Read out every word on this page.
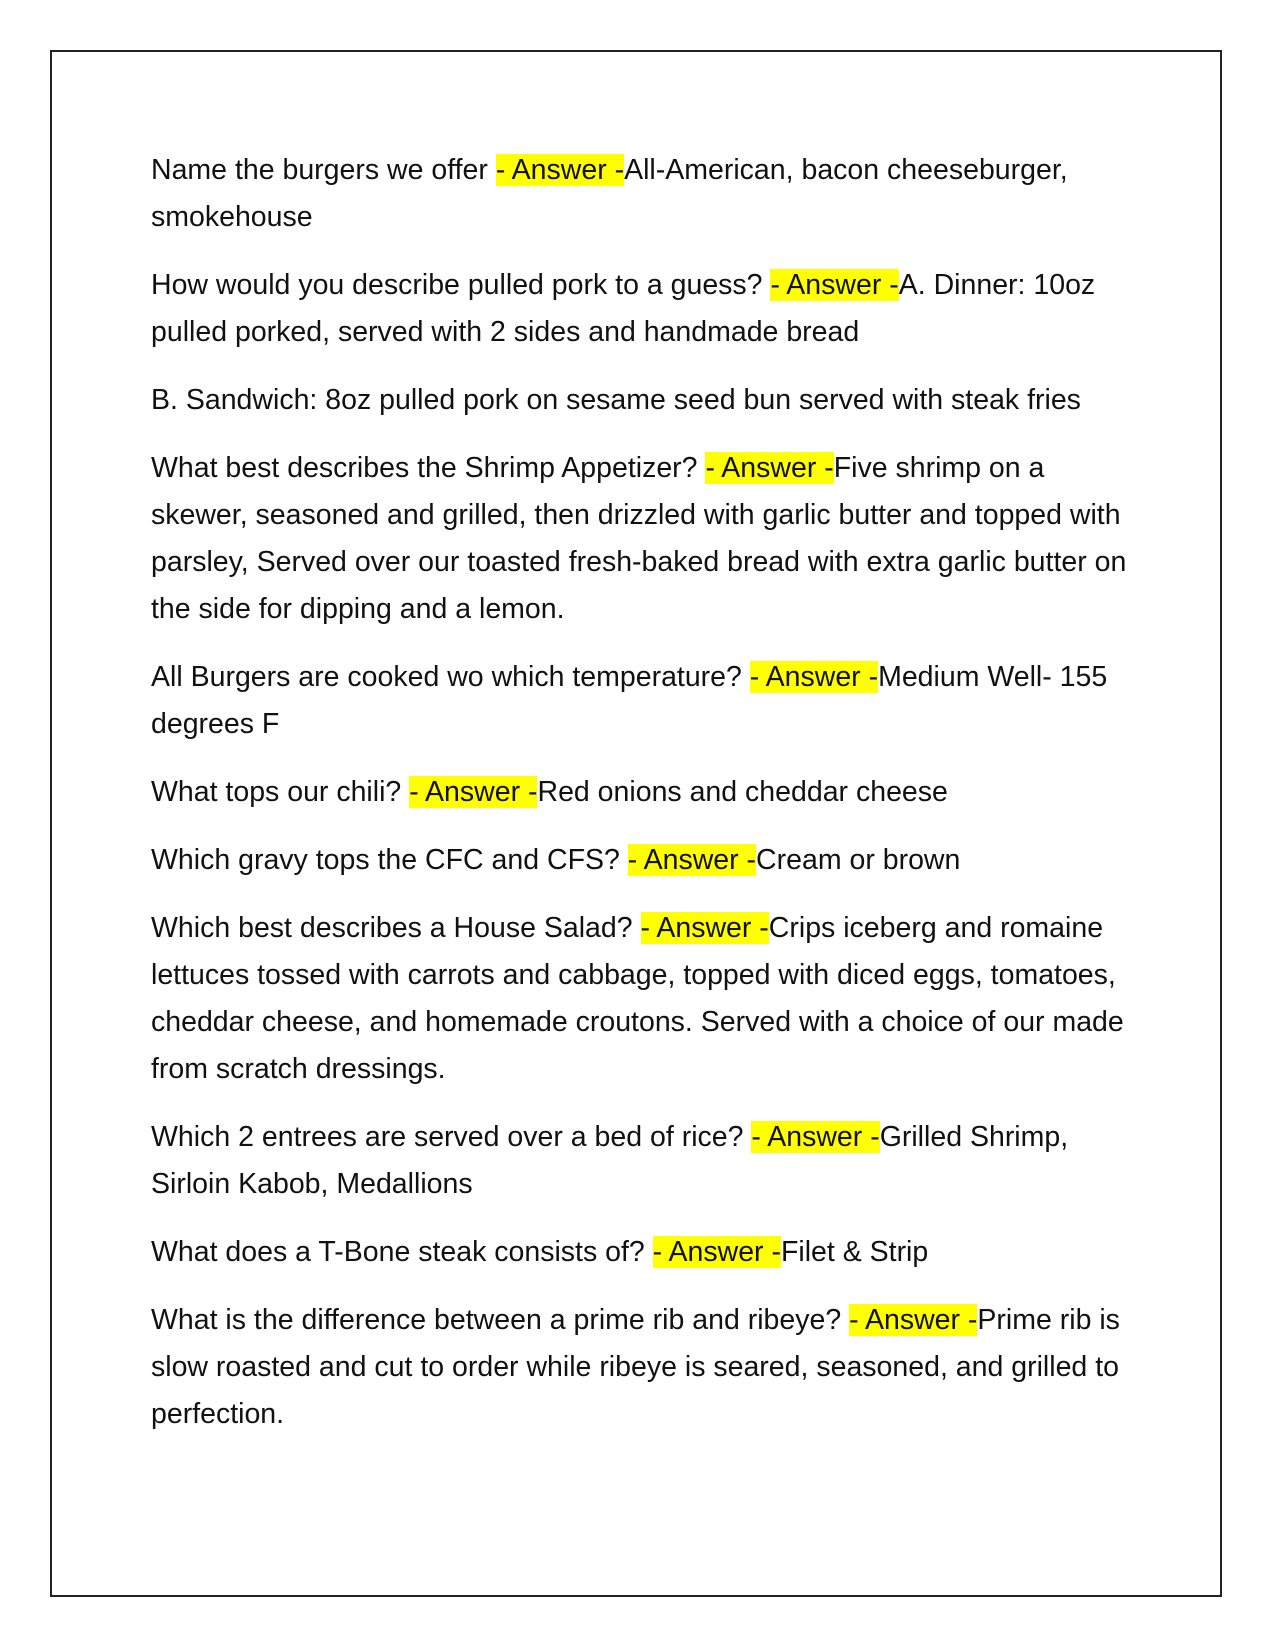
Name the burgers we offer - Answer -All-American, bacon cheeseburger, smokehouse

How would you describe pulled pork to a guess? - Answer -A. Dinner: 10oz pulled porked, served with 2 sides and handmade bread

B. Sandwich: 8oz pulled pork on sesame seed bun served with steak fries

What best describes the Shrimp Appetizer? - Answer -Five shrimp on a skewer, seasoned and grilled, then drizzled with garlic butter and topped with parsley, Served over our toasted fresh-baked bread with extra garlic butter on the side for dipping and a lemon.

All Burgers are cooked wo which temperature? - Answer -Medium Well- 155 degrees F

What tops our chili? - Answer -Red onions and cheddar cheese

Which gravy tops the CFC and CFS? - Answer -Cream or brown

Which best describes a House Salad? - Answer -Crips iceberg and romaine lettuces tossed with carrots and cabbage, topped with diced eggs, tomatoes, cheddar cheese, and homemade croutons. Served with a choice of our made from scratch dressings.

Which 2 entrees are served over a bed of rice? - Answer -Grilled Shrimp, Sirloin Kabob, Medallions

What does a T-Bone steak consists of? - Answer -Filet & Strip

What is the difference between a prime rib and ribeye? - Answer -Prime rib is slow roasted and cut to order while ribeye is seared, seasoned, and grilled to perfection.
